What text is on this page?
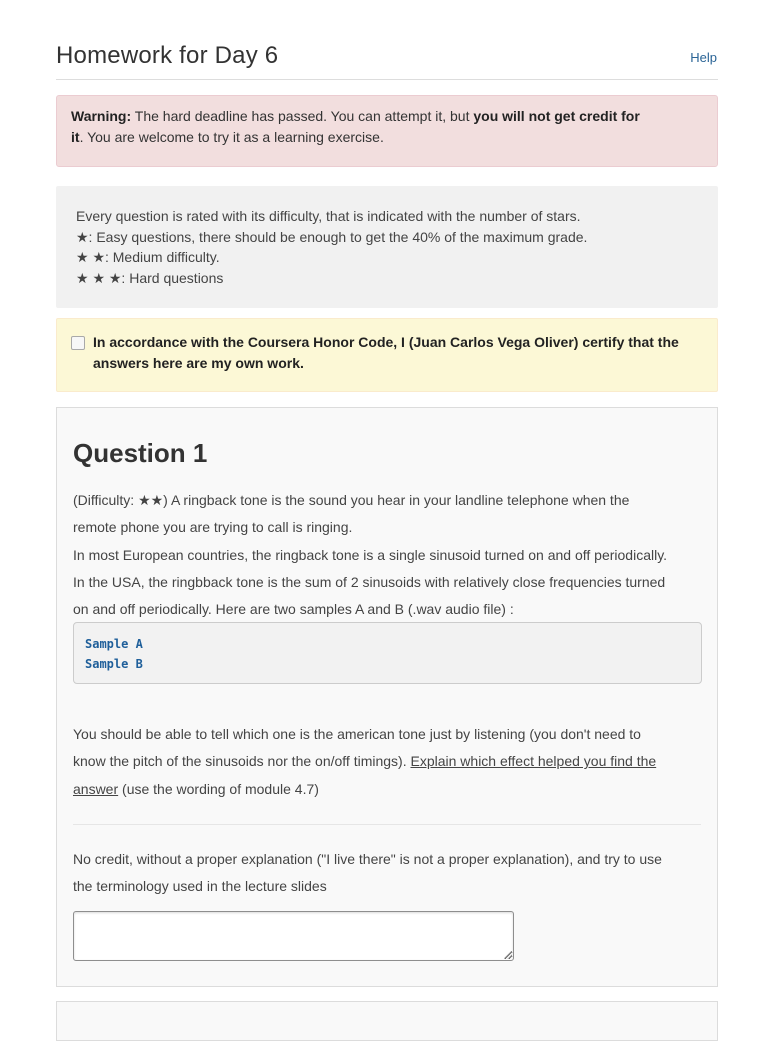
Homework for Day 6	Help
Warning: The hard deadline has passed. You can attempt it, but you will not get credit for
it. You are welcome to try it as a learning exercise.
Every question is rated with its difficulty, that is indicated with the number of stars.
★: Easy questions, there should be enough to get the 40% of the maximum grade.
★ ★: Medium difficulty.
★ ★ ★: Hard questions
In accordance with the Coursera Honor Code, I (Juan Carlos Vega Oliver) certify that the answers here are my own work.
Question 1

(Difficulty: ★★) A ringback tone is the sound you hear in your landline telephone when the

remote phone you are trying to call is ringing.

In most European countries, the ringback tone is a single sinusoid turned on and off periodically.

In the USA, the ringbback tone is the sum of 2 sinusoids with relatively close frequencies turned

on and off periodically. Here are two samples A and B (.wav audio file) :

Sample A
Sample B
You should be able to tell which one is the american tone just by listening (you don't need to
know the pitch of the sinusoids nor the on/off timings). Explain which effect helped you find the
answer (use the wording of module 4.7)
No credit, without a proper explanation ("I live there" is not a proper explanation), and try to use
the terminology used in the lecture slides
